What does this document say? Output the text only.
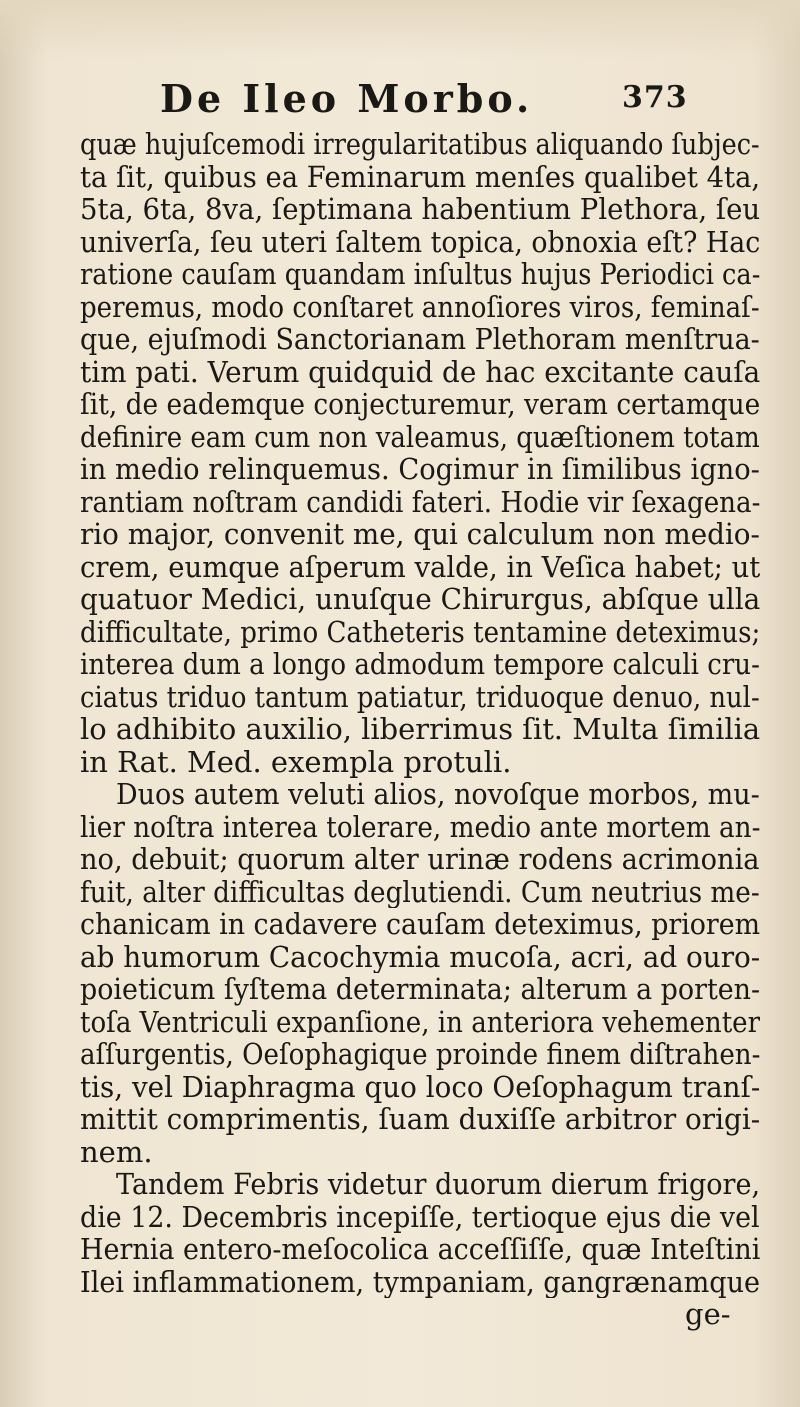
De Ileo Morbo.	373
quæ hujuſcemodi irregularitatibus aliquando ſubjec-
ta ſit, quibus ea Feminarum menſes qualibet 4ta,
5ta, 6ta, 8va, ſeptimana habentium Plethora, ſeu
univerſa, ſeu uteri ſaltem topica, obnoxia eſt? Hac
ratione cauſam quandam inſultus hujus Periodici ca-
peremus, modo conſtaret annoſiores viros, feminaſ-
que, ejuſmodi Sanctorianam Plethoram menſtrua-
tim pati. Verum quidquid de hac excitante cauſa
ſit, de eademque conjecturemur, veram certamque
definire eam cum non valeamus, quæſtionem totam
in medio relinquemus. Cogimur in ſimilibus igno-
rantiam noſtram candidi fateri. Hodie vir ſexagena-
rio major, convenit me, qui calculum non medio-
crem, eumque aſperum valde, in Veſica habet; ut
quatuor Medici, unuſque Chirurgus, abſque ulla
difficultate, primo Catheteris tentamine deteximus;
interea dum a longo admodum tempore calculi cru-
ciatus triduo tantum patiatur, triduoque denuo, nul-
lo adhibito auxilio, liberrimus ſit. Multa ſimilia
in Rat. Med. exempla protuli.
Duos autem veluti alios, novoſque morbos, mu-
lier noſtra interea tolerare, medio ante mortem an-
no, debuit; quorum alter urinæ rodens acrimonia
fuit, alter difficultas deglutiendi. Cum neutrius me-
chanicam in cadavere cauſam deteximus, priorem
ab humorum Cacochymia mucoſa, acri, ad ouro-
poieticum ſyſtema determinata; alterum a porten-
toſa Ventriculi expanſione, in anteriora vehementer
aſſurgentis, Oeſophagique proinde finem diſtrahen-
tis, vel Diaphragma quo loco Oeſophagum tranſ-
mittit comprimentis, ſuam duxiſſe arbitror origi-
nem.
Tandem Febris videtur duorum dierum frigore,
die 12. Decembris incepiſſe, tertioque ejus die vel
Hernia entero-meſocolica acceſſiſſe, quæ Inteſtini
Ilei inflammationem, tympaniam, gangrænamque
ge-
